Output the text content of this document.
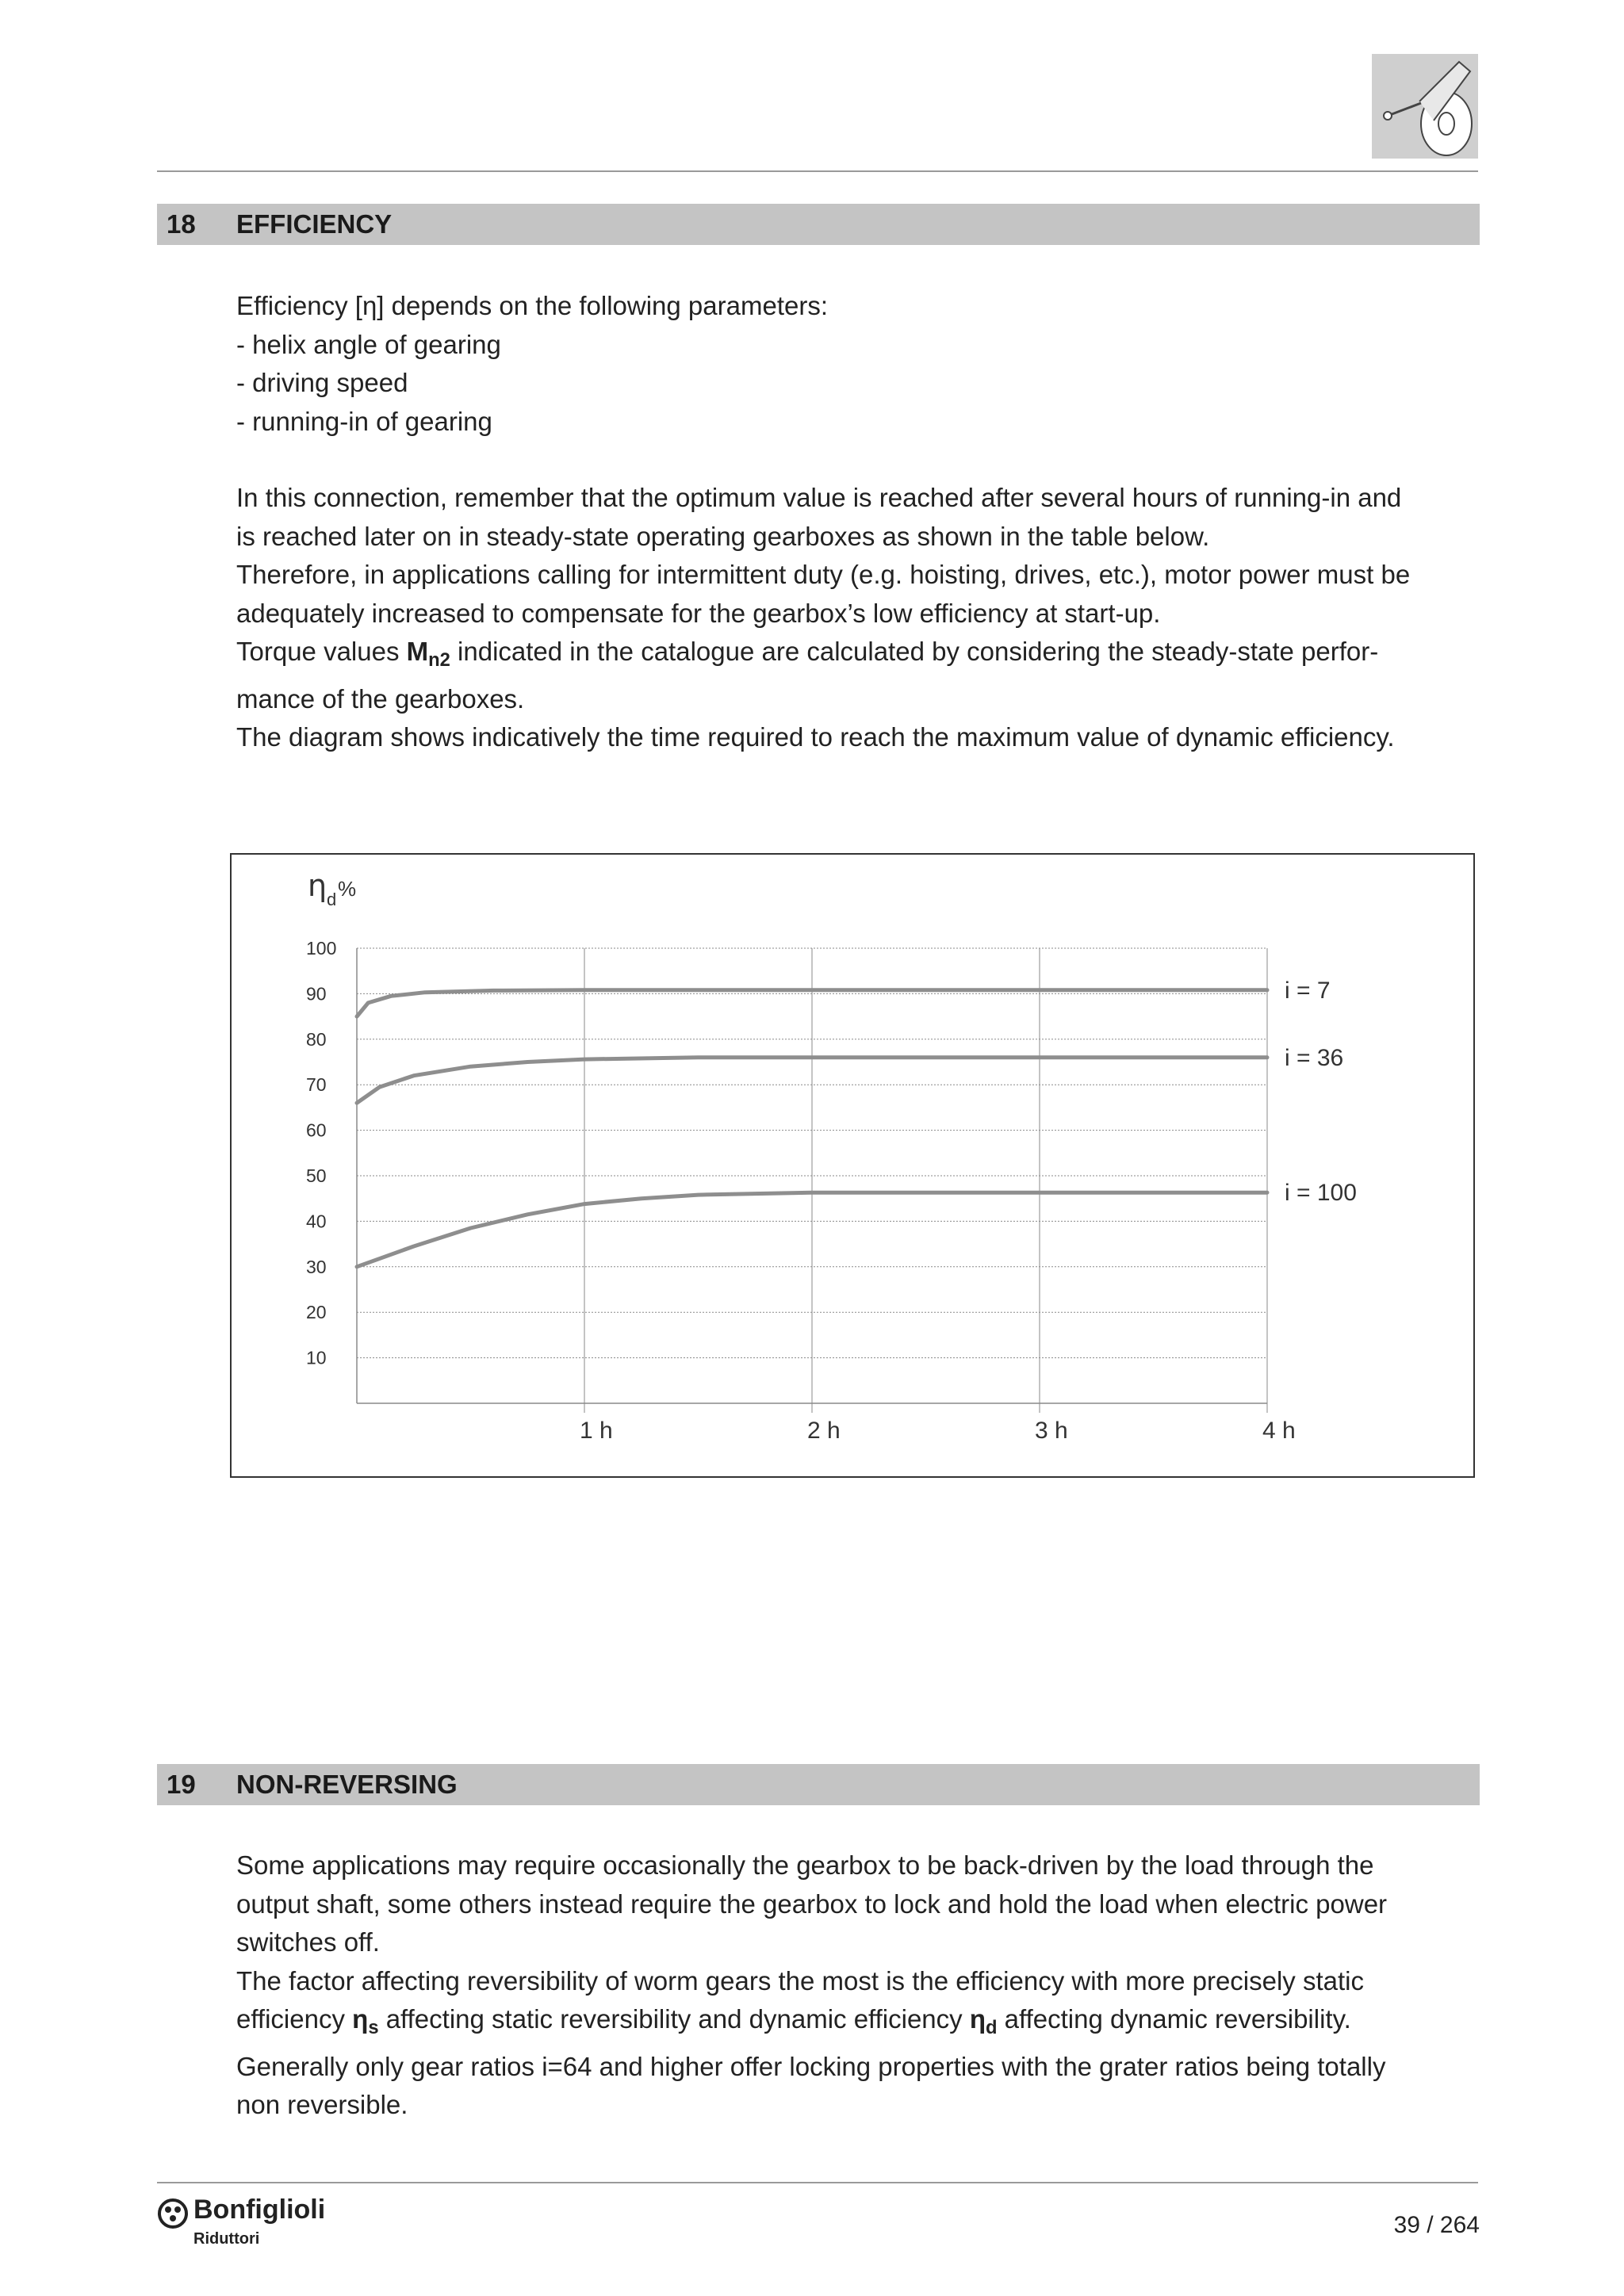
18 EFFICIENCY

Efficiency [η] depends on the following parameters:

- helix angle of gearing

- driving speed

- running-in of gearing

In this connection, remember that the optimum value is reached after several hours of running-in and

is reached later on in steady-state operating gearboxes as shown in the table below.

Therefore, in applications calling for intermittent duty (e.g. hoisting, drives, etc.), motor power must be

adequately increased to compensate for the gearbox’s low efficiency at start-up.

Torque values $M_{n2}$ indicated in the catalogue are calculated by considering the steady-state perfor-

mance of the gearboxes.

The diagram shows indicatively the time required to reach the maximum value of dynamic efficiency.

100
90
80
70
60
50
40
30
20
10
1 h	2 h	3 h	4 h
η d %
i = 7
i = 36
i = 100
19 NON-REVERSING

Some applications may require occasionally the gearbox to be back-driven by the load through the

output shaft, some others instead require the gearbox to lock and hold the load when electric power

switches off.

The factor affecting reversibility of worm gears the most is the efficiency with more precisely static

efficiency $\eta_s$ affecting static reversibility and dynamic efficiency $\eta_d$ affecting dynamic reversibility.

Generally only gear ratios i=64 and higher offer locking properties with the grater ratios being totally

non reversible.

Bonfiglioli
Riduttori
39 / 264
